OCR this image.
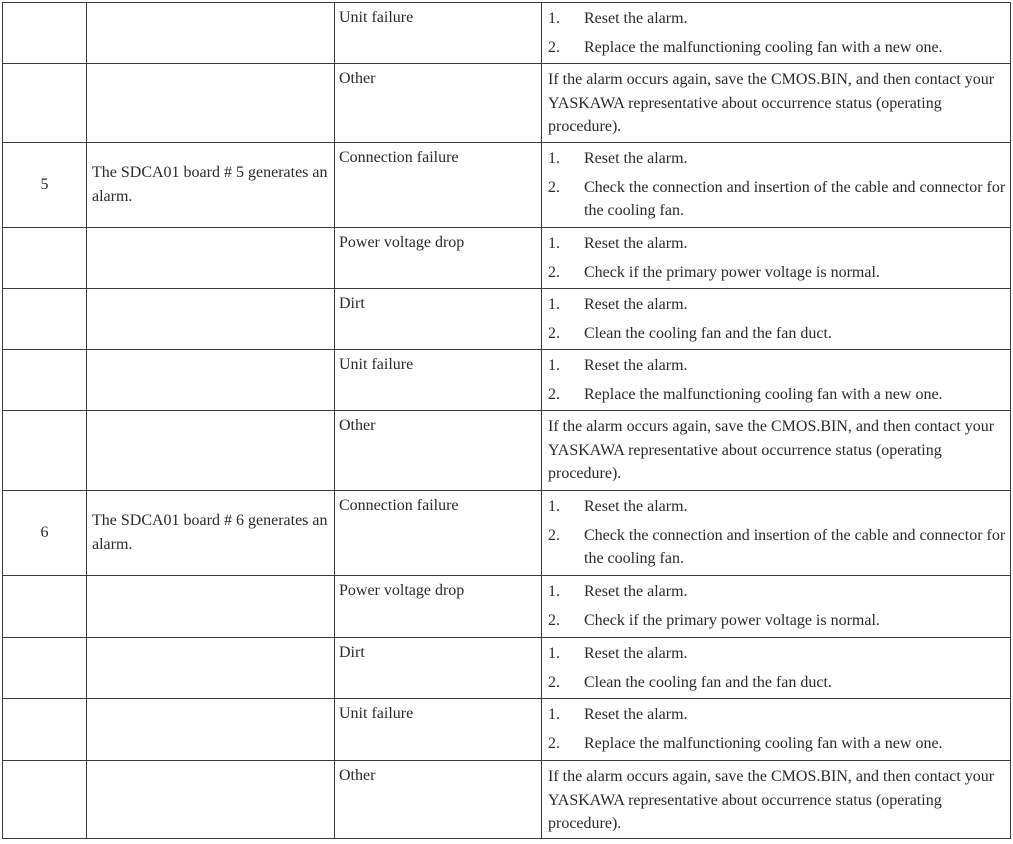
		Unit failure	1. Reset the alarm.
2. Replace the malfunctioning cooling fan with a new one.

		Other	If the alarm occurs again, save the CMOS.BIN, and then contact your YASKAWA representative about occurrence status (operating procedure).

5	The SDCA01 board # 5 generates an alarm.	Connection failure	1. Reset the alarm.
2. Check the connection and insertion of the cable and connector for the cooling fan.

		Power voltage drop	1. Reset the alarm.
2. Check if the primary power voltage is normal.

		Dirt	1. Reset the alarm.
2. Clean the cooling fan and the fan duct.

		Unit failure	1. Reset the alarm.
2. Replace the malfunctioning cooling fan with a new one.

		Other	If the alarm occurs again, save the CMOS.BIN, and then contact your YASKAWA representative about occurrence status (operating procedure).

6	The SDCA01 board # 6 generates an alarm.	Connection failure	1. Reset the alarm.
2. Check the connection and insertion of the cable and connector for the cooling fan.

		Power voltage drop	1. Reset the alarm.
2. Check if the primary power voltage is normal.

		Dirt	1. Reset the alarm.
2. Clean the cooling fan and the fan duct.

		Unit failure	1. Reset the alarm.
2. Replace the malfunctioning cooling fan with a new one.

		Other	If the alarm occurs again, save the CMOS.BIN, and then contact your YASKAWA representative about occurrence status (operating procedure).
